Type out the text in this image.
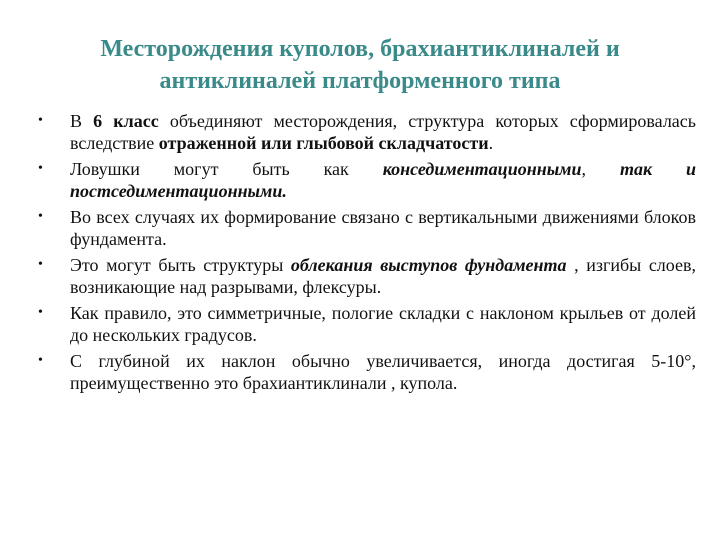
Месторождения куполов, брахиантиклиналей и
антиклиналей платформенного типа
•	В 6 класс объединяют месторождения, структура которых сформировалась вследствие отраженной или глыбовой складчатости.
•	Ловушки могут быть как конседиментационными, так и постседиментационными.
•	Во всех случаях их формирование связано с вертикальными движениями блоков фундамента.
•	Это могут быть структуры облекания выступов фундамента , изгибы слоев, возникающие над разрывами, флексуры.
•	Как правило, это симметричные, пологие складки с наклоном крыльев от долей до нескольких градусов.
•	С глубиной их наклон обычно увеличивается, иногда достигая 5-10°, преимущественно это брахиантиклинали , купола.
